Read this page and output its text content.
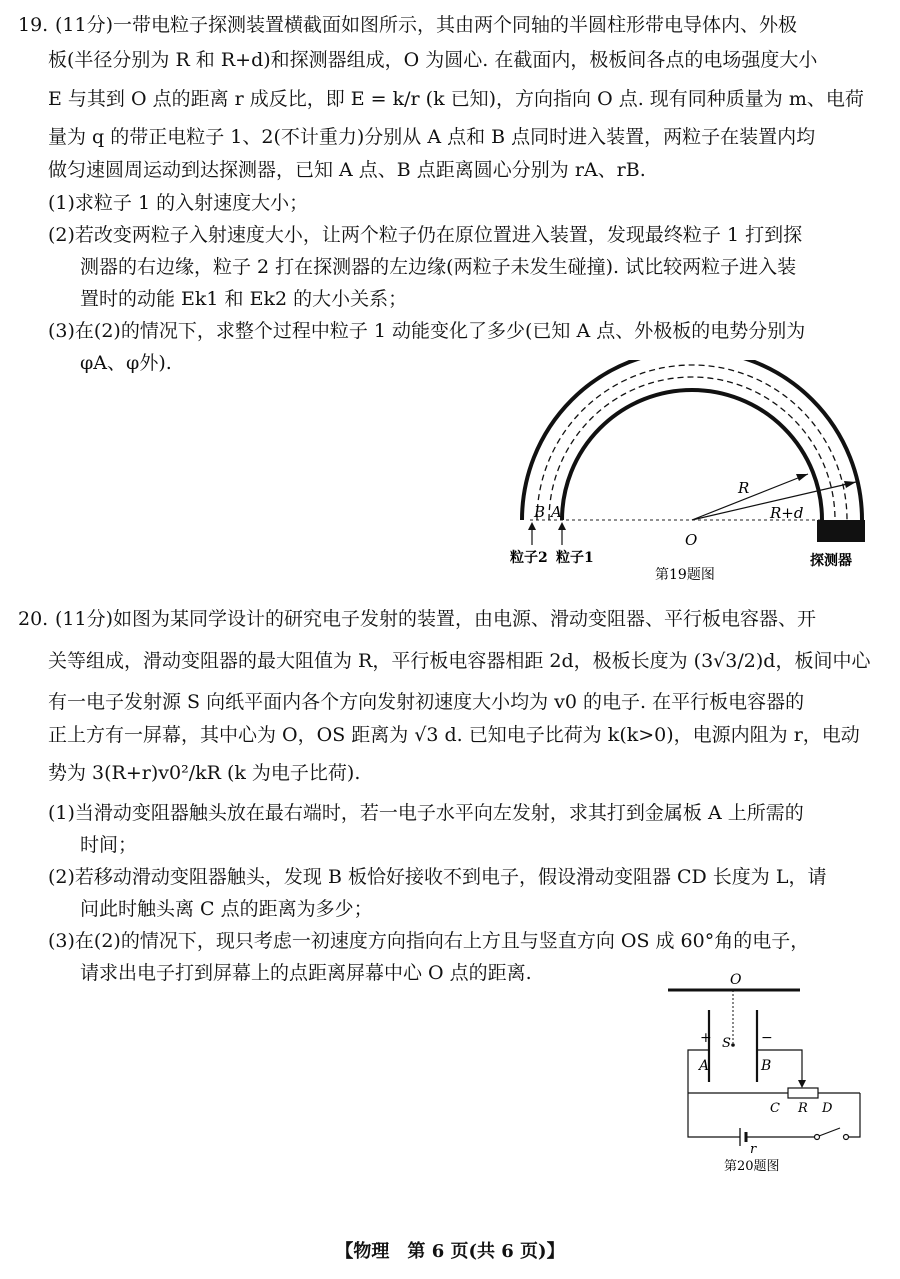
19. (11分)一带电粒子探测装置横截面如图所示，其由两个同轴的半圆柱形带电导体内、外极
板(半径分别为 R 和 R+d)和探测器组成，O 为圆心. 在截面内，极板间各点的电场强度大小
E 与其到 O 点的距离 r 成反比，即 E = k/r (k 已知)，方向指向 O 点. 现有同种质量为 m、电荷
量为 q 的带正电粒子 1、2(不计重力)分别从 A 点和 B 点同时进入装置，两粒子在装置内均
做匀速圆周运动到达探测器，已知 A 点、B 点距离圆心分别为 rA、rB.
(1)求粒子 1 的入射速度大小；
(2)若改变两粒子入射速度大小，让两个粒子仍在原位置进入装置，发现最终粒子 1 打到探
测器的右边缘，粒子 2 打在探测器的左边缘(两粒子未发生碰撞). 试比较两粒子进入装
置时的动能 Ek1 和 Ek2 的大小关系；
(3)在(2)的情况下，求整个过程中粒子 1 动能变化了多少(已知 A 点、外极板的电势分别为
φA、φ外).
R
R+d
O
B A
粒子2 粒子1	探测器
第19题图
20. (11分)如图为某同学设计的研究电子发射的装置，由电源、滑动变阻器、平行板电容器、开
关等组成，滑动变阻器的最大阻值为 R，平行板电容器相距 2d，极板长度为 (3√3/2)d，板间中心
有一电子发射源 S 向纸平面内各个方向发射初速度大小均为 v0 的电子. 在平行板电容器的
正上方有一屏幕，其中心为 O，OS 距离为 √3 d. 已知电子比荷为 k(k>0)，电源内阻为 r，电动
势为 3(R+r)v0²/kR (k 为电子比荷).
(1)当滑动变阻器触头放在最右端时，若一电子水平向左发射，求其打到金属板 A 上所需的
时间；
(2)若移动滑动变阻器触头，发现 B 板恰好接收不到电子，假设滑动变阻器 CD 长度为 L，请
问此时触头离 C 点的距离为多少；
(3)在(2)的情况下，现只考虑一初速度方向指向右上方且与竖直方向 OS 成 60°角的电子，
请求出电子打到屏幕上的点距离屏幕中心 O 点的距离.	O
S
+	−
A	B
C R D
r
第20题图
【物理　第 6 页(共 6 页)】
